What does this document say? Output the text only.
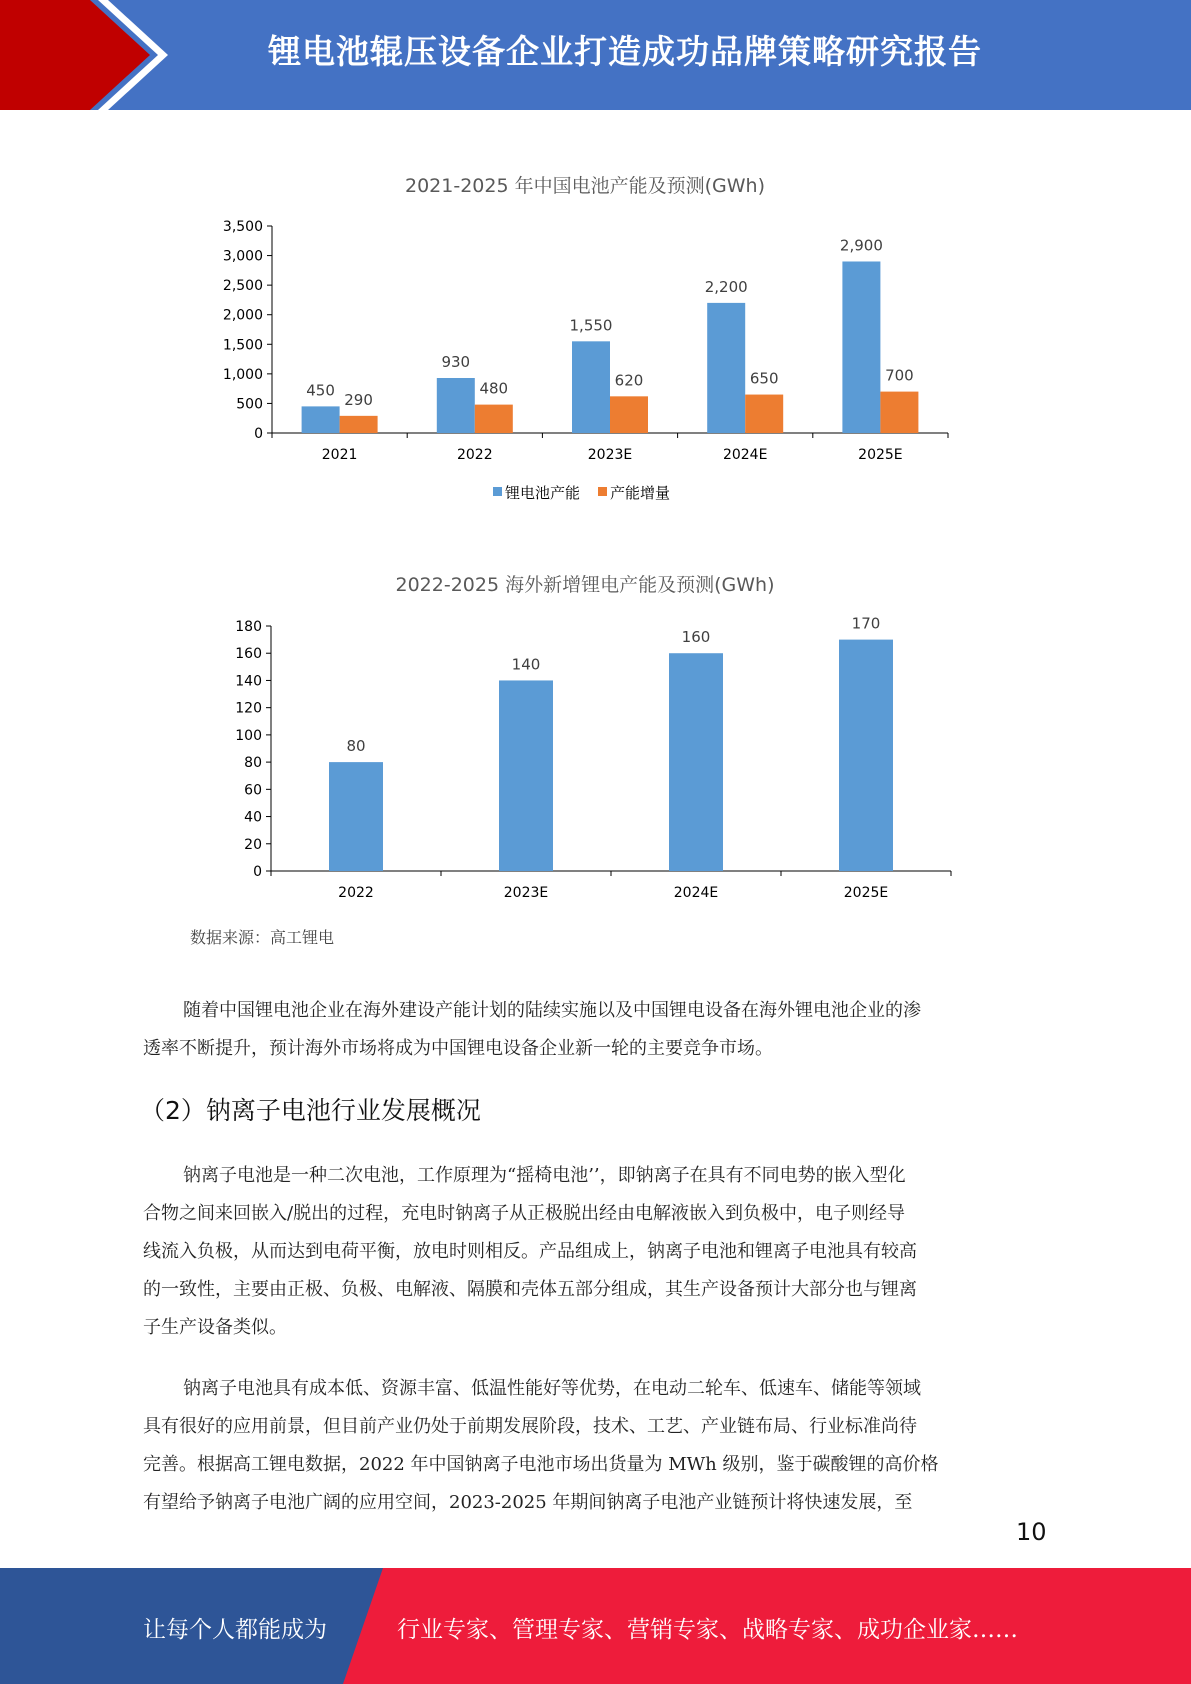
锂电池辊压设备企业打造成功品牌策略研究报告
2021-2025 年中国电池产能及预测(GWh)
0
500
1,000
1,500
2,000
2,500
3,000
3,500
2021
450
290
2022
930
480
2023E
1,550
620
2024E
2,200
650
2025E
2,900
700
锂电池产能 产能增量
2022-2025 海外新增锂电产能及预测(GWh)
0
20
40
60
80
100
120
140
160
180
2022
80
2023E
140
2024E
160
2025E
170
数据来源：高工锂电

随着中国锂电池企业在海外建设产能计划的陆续实施以及中国锂电设备在海外锂电池企业的渗
透率不断提升，预计海外市场将成为中国锂电设备企业新一轮的主要竞争市场。

（2）钠离子电池行业发展概况

钠离子电池是一种二次电池，工作原理为“摇椅电池’’，即钠离子在具有不同电势的嵌入型化
合物之间来回嵌入/脱出的过程，充电时钠离子从正极脱出经由电解液嵌入到负极中，电子则经导
线流入负极，从而达到电荷平衡，放电时则相反。产品组成上，钠离子电池和锂离子电池具有较高
的一致性，主要由正极、负极、电解液、隔膜和壳体五部分组成，其生产设备预计大部分也与锂离
子生产设备类似。

钠离子电池具有成本低、资源丰富、低温性能好等优势，在电动二轮车、低速车、储能等领域
具有很好的应用前景，但目前产业仍处于前期发展阶段，技术、工艺、产业链布局、行业标准尚待
完善。根据高工锂电数据，2022 年中国钠离子电池市场出货量为 MWh 级别，鉴于碳酸锂的高价格
有望给予钠离子电池广阔的应用空间，2023-2025 年期间钠离子电池产业链预计将快速发展，至

10
让每个人都能成为	行业专家、管理专家、营销专家、战略专家、成功企业家……
